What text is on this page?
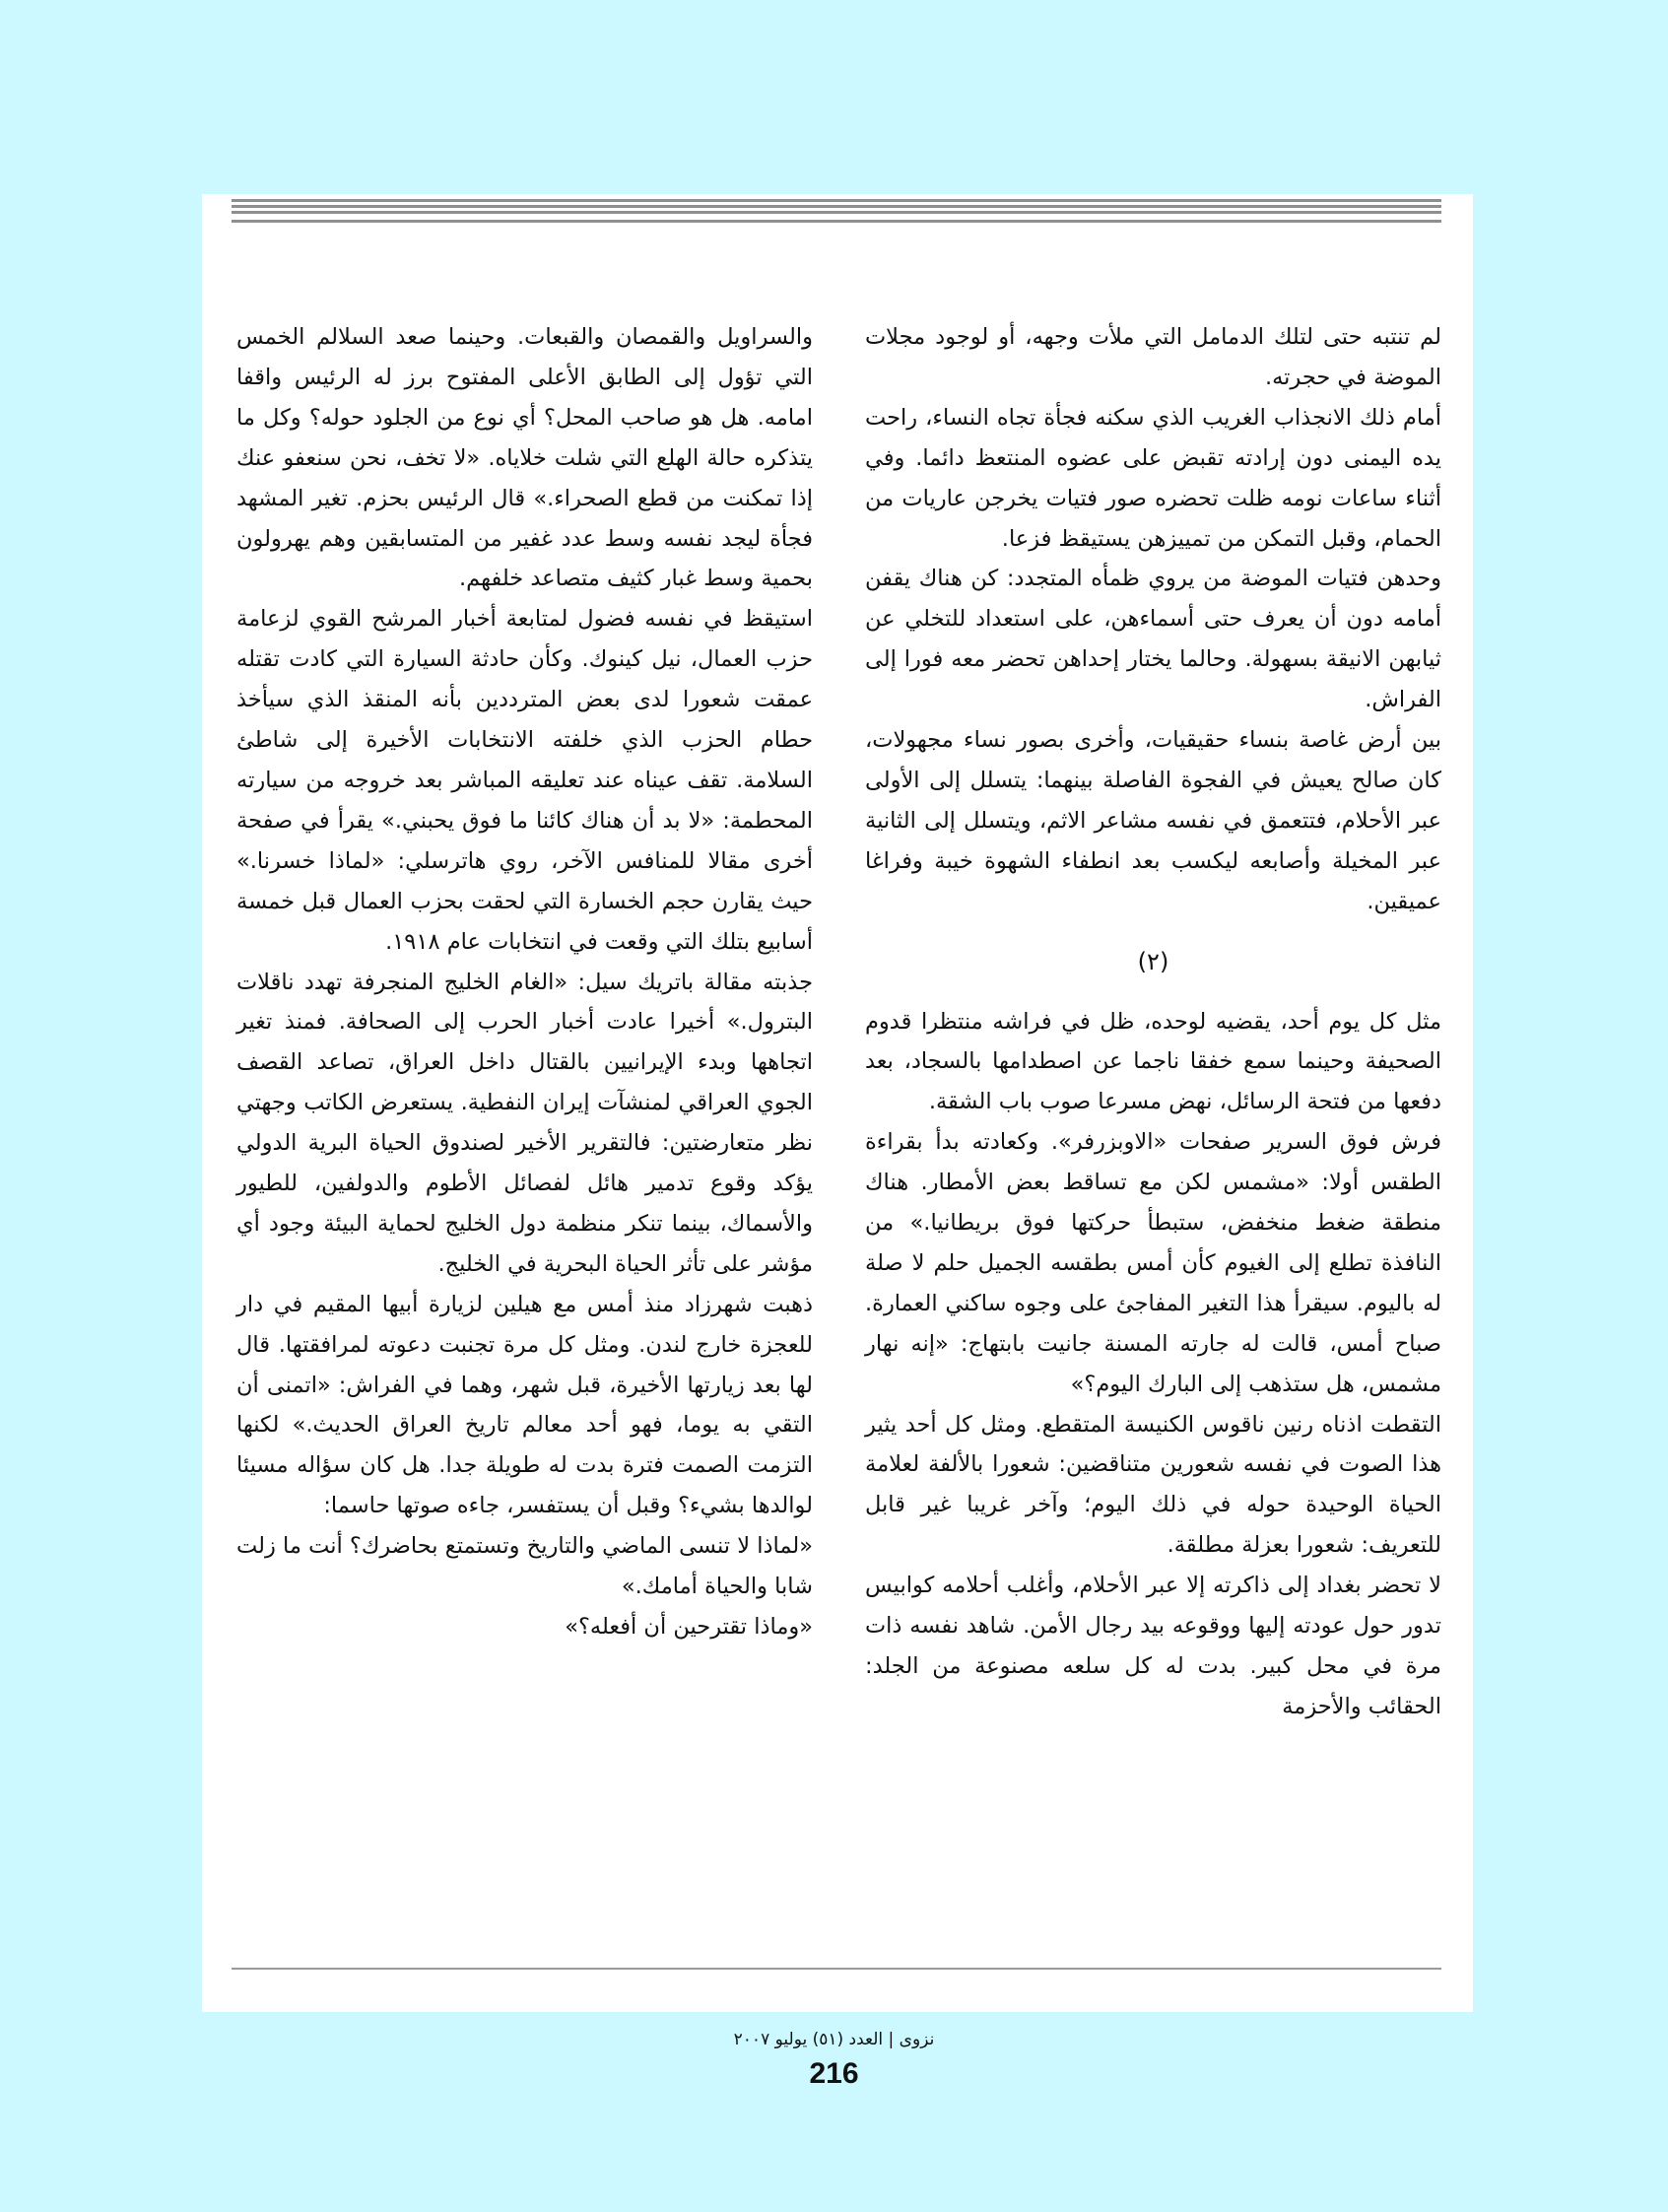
لم تنتبه حتى لتلك الدمامل التي ملأت وجهه، أو لوجود مجلات الموضة في حجرته.

أمام ذلك الانجذاب الغريب الذي سكنه فجأة تجاه النساء، راحت يده اليمنى دون إرادته تقبض على عضوه المنتعظ دائما. وفي أثناء ساعات نومه ظلت تحضره صور فتيات يخرجن عاريات من الحمام، وقبل التمكن من تمييزهن يستيقظ فزعا.

وحدهن فتيات الموضة من يروي ظمأه المتجدد: كن هناك يقفن أمامه دون أن يعرف حتى أسماءهن، على استعداد للتخلي عن ثيابهن الانيقة بسهولة. وحالما يختار إحداهن تحضر معه فورا إلى الفراش.

بين أرض غاصة بنساء حقيقيات، وأخرى بصور نساء مجهولات، كان صالح يعيش في الفجوة الفاصلة بينهما: يتسلل إلى الأولى عبر الأحلام، فتتعمق في نفسه مشاعر الاثم، ويتسلل إلى الثانية عبر المخيلة وأصابعه ليكسب بعد انطفاء الشهوة خيبة وفراغا عميقين.

(٢)

مثل كل يوم أحد، يقضيه لوحده، ظل في فراشه منتظرا قدوم الصحيفة وحينما سمع خفقا ناجما عن اصطدامها بالسجاد، بعد دفعها من فتحة الرسائل، نهض مسرعا صوب باب الشقة.

فرش فوق السرير صفحات «الاوبزرفر». وكعادته بدأ بقراءة الطقس أولا: «مشمس لكن مع تساقط بعض الأمطار. هناك منطقة ضغط منخفض، ستبطأ حركتها فوق بريطانيا.» من النافذة تطلع إلى الغيوم كأن أمس بطقسه الجميل حلم لا صلة له باليوم. سيقرأ هذا التغير المفاجئ على وجوه ساكني العمارة. صباح أمس، قالت له جارته المسنة جانيت بابتهاج: «إنه نهار مشمس، هل ستذهب إلى البارك اليوم؟»

التقطت اذناه رنين ناقوس الكنيسة المتقطع. ومثل كل أحد يثير هذا الصوت في نفسه شعورين متناقضين: شعورا بالألفة لعلامة الحياة الوحيدة حوله في ذلك اليوم؛ وآخر غريبا غير قابل للتعريف: شعورا بعزلة مطلقة.

لا تحضر بغداد إلى ذاكرته إلا عبر الأحلام، وأغلب أحلامه كوابيس تدور حول عودته إليها ووقوعه بيد رجال الأمن. شاهد نفسه ذات مرة في محل كبير. بدت له كل سلعه مصنوعة من الجلد: الحقائب والأحزمة

والسراويل والقمصان والقبعات. وحينما صعد السلالم الخمس التي تؤول إلى الطابق الأعلى المفتوح برز له الرئيس واقفا امامه. هل هو صاحب المحل؟ أي نوع من الجلود حوله؟ وكل ما يتذكره حالة الهلع التي شلت خلاياه. «لا تخف، نحن سنعفو عنك إذا تمكنت من قطع الصحراء.» قال الرئيس بحزم. تغير المشهد فجأة ليجد نفسه وسط عدد غفير من المتسابقين وهم يهرولون بحمية وسط غبار كثيف متصاعد خلفهم.

استيقظ في نفسه فضول لمتابعة أخبار المرشح القوي لزعامة حزب العمال، نيل كينوك. وكأن حادثة السيارة التي كادت تقتله عمقت شعورا لدى بعض المترددين بأنه المنقذ الذي سيأخذ حطام الحزب الذي خلفته الانتخابات الأخيرة إلى شاطئ السلامة. تقف عيناه عند تعليقه المباشر بعد خروجه من سيارته المحطمة: «لا بد أن هناك كائنا ما فوق يحبني.» يقرأ في صفحة أخرى مقالا للمنافس الآخر، روي هاترسلي: «لماذا خسرنا.» حيث يقارن حجم الخسارة التي لحقت بحزب العمال قبل خمسة أسابيع بتلك التي وقعت في انتخابات عام ١٩١٨.

جذبته مقالة باتريك سيل: «الغام الخليج المنجرفة تهدد ناقلات البترول.» أخيرا عادت أخبار الحرب إلى الصحافة. فمنذ تغير اتجاهها وبدء الإيرانيين بالقتال داخل العراق، تصاعد القصف الجوي العراقي لمنشآت إيران النفطية. يستعرض الكاتب وجهتي نظر متعارضتين: فالتقرير الأخير لصندوق الحياة البرية الدولي يؤكد وقوع تدمير هائل لفصائل الأطوم والدولفين، للطيور والأسماك، بينما تنكر منظمة دول الخليج لحماية البيئة وجود أي مؤشر على تأثر الحياة البحرية في الخليج.

ذهبت شهرزاد منذ أمس مع هيلين لزيارة أبيها المقيم في دار للعجزة خارج لندن. ومثل كل مرة تجنبت دعوته لمرافقتها. قال لها بعد زيارتها الأخيرة، قبل شهر، وهما في الفراش: «اتمنى أن التقي به يوما، فهو أحد معالم تاريخ العراق الحديث.» لكنها التزمت الصمت فترة بدت له طويلة جدا. هل كان سؤاله مسيئا لوالدها بشيء؟ وقبل أن يستفسر، جاءه صوتها حاسما:

«لماذا لا تنسى الماضي والتاريخ وتستمتع بحاضرك؟ أنت ما زلت شابا والحياة أمامك.»

«وماذا تقترحين أن أفعله؟»

نزوى | العدد (٥١) يوليو ٢٠٠٧
216
